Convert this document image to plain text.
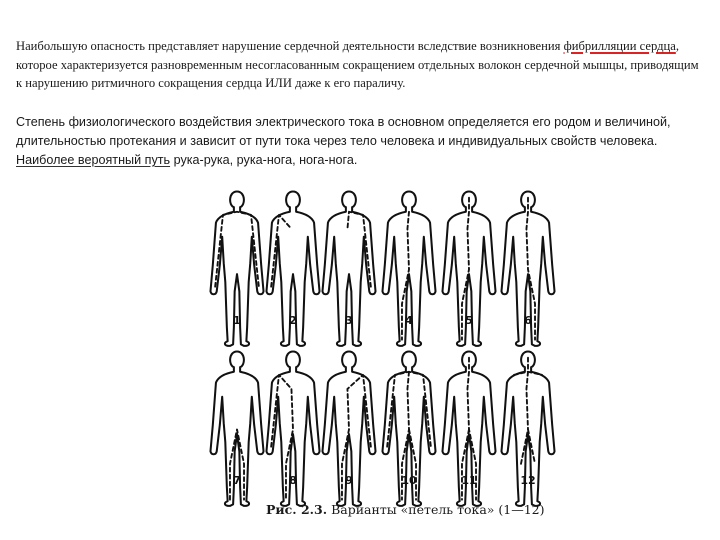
Наибольшую опасность представляет нарушение сердечной деятельности вследствие возникновения фибрилляции сердца, которое характеризуется разновременным несогласованным сокращением отдельных волокон сердечной мышцы, приводящим к нарушению ритмичного сокращения сердца ИЛИ даже к его параличу.
Степень физиологического воздействия электрического тока в основном определяется его родом и величиной, длительностью протекания и зависит от пути тока через тело человека и индивидуальных свойств человека. Наиболее вероятный путь рука-рука, рука-нога, нога-нога.
1	2	3	4	5	6
7	8	9	10	11	12
Рис. 2.3. Варианты «петель тока» (1—12)
